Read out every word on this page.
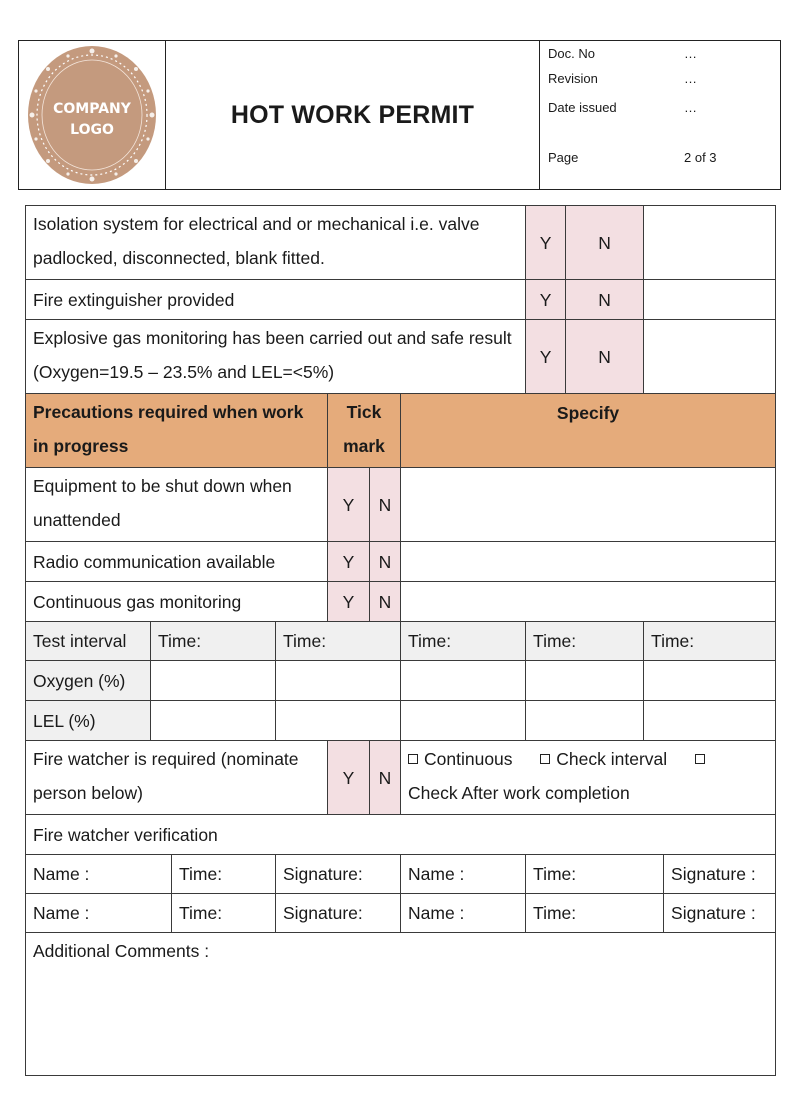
COMPANY
LOGO
HOT WORK PERMIT
Doc. No	…
Revision	…
Date issued	…
Page	2 of 3
Isolation system for electrical and or mechanical i.e. valve padlocked, disconnected, blank fitted.							Y	N		
Fire extinguisher provided							Y	N		
Explosive gas monitoring has been carried out and safe result (Oxygen=19.5 – 23.5% and LEL=<5%)							Y	N		
Precautions required when work in progress				Tick mark		Specify				
Equipment to be shut down when unattended				Y	N					
Radio communication available				Y	N					
Continuous gas monitoring				Y	N					
Test interval	Time:		Time:			Time:	Time:		Time:	
Oxygen (%)										
LEL (%)										
Fire watcher is required (nominate person below)				Y	N	Continuous Check interval
Check After work completion				
Fire watcher verification										
Name :		Time:	Signature:			Name :	Time:			Signature :
Name :		Time:	Signature:			Name :	Time:			Signature :
Additional Comments :										
